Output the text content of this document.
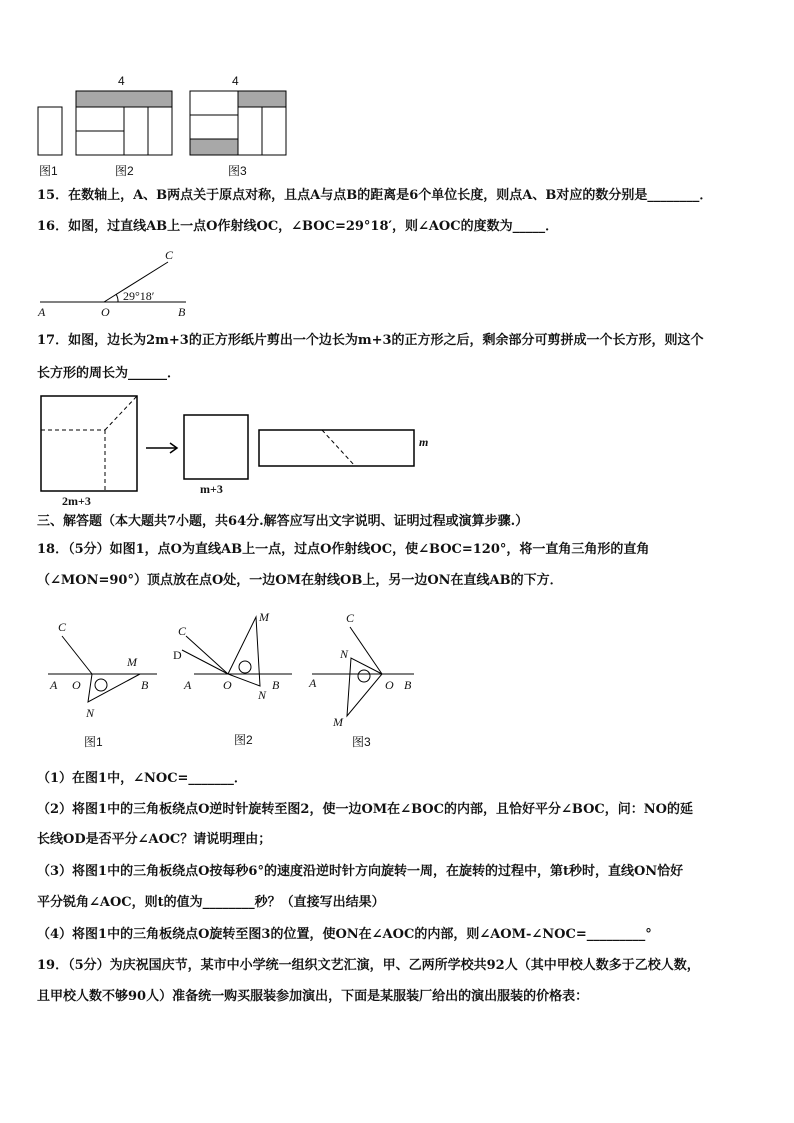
4	4
图1	图2	图3
15．在数轴上，A、B两点关于原点对称，且点A与点B的距离是6个单位长度，则点A、B对应的数分别是________．
16．如图，过直线AB上一点O作射线OC，∠BOC=29°18′，则∠AOC的度数为_____．
A	O	B
C
29°18′
17．如图，边长为2m+3的正方形纸片剪出一个边长为m+3的正方形之后，剩余部分可剪拼成一个长方形，则这个
长方形的周长为______．
2m+3
m+3
m
三、解答题（本大题共7小题，共64分.解答应写出文字说明、证明过程或演算步骤.）
18．（5分）如图1，点O为直线AB上一点，过点O作射线OC，使∠BOC=120°，将一直角三角形的直角
（∠MON=90°）顶点放在点O处，一边OM在射线OB上，另一边ON在直线AB的下方．
C
A O	B
M
N
图1
C
D
A	O	B
M
N
图2
C
A	O B
N
M
图3
（1）在图1中，∠NOC=_______．
（2）将图1中的三角板绕点O逆时针旋转至图2，使一边OM在∠BOC的内部，且恰好平分∠BOC，问：NO的延
长线OD是否平分∠AOC？请说明理由；
（3）将图1中的三角板绕点O按每秒6°的速度沿逆时针方向旋转一周，在旋转的过程中，第t秒时，直线ON恰好
平分锐角∠AOC，则t的值为________秒？（直接写出结果）
（4）将图1中的三角板绕点O旋转至图3的位置，使ON在∠AOC的内部，则∠AOM-∠NOC=_________°
19．（5分）为庆祝国庆节，某市中小学统一组织文艺汇演，甲、乙两所学校共92人（其中甲校人数多于乙校人数，
且甲校人数不够90人）准备统一购买服装参加演出，下面是某服装厂给出的演出服装的价格表：
